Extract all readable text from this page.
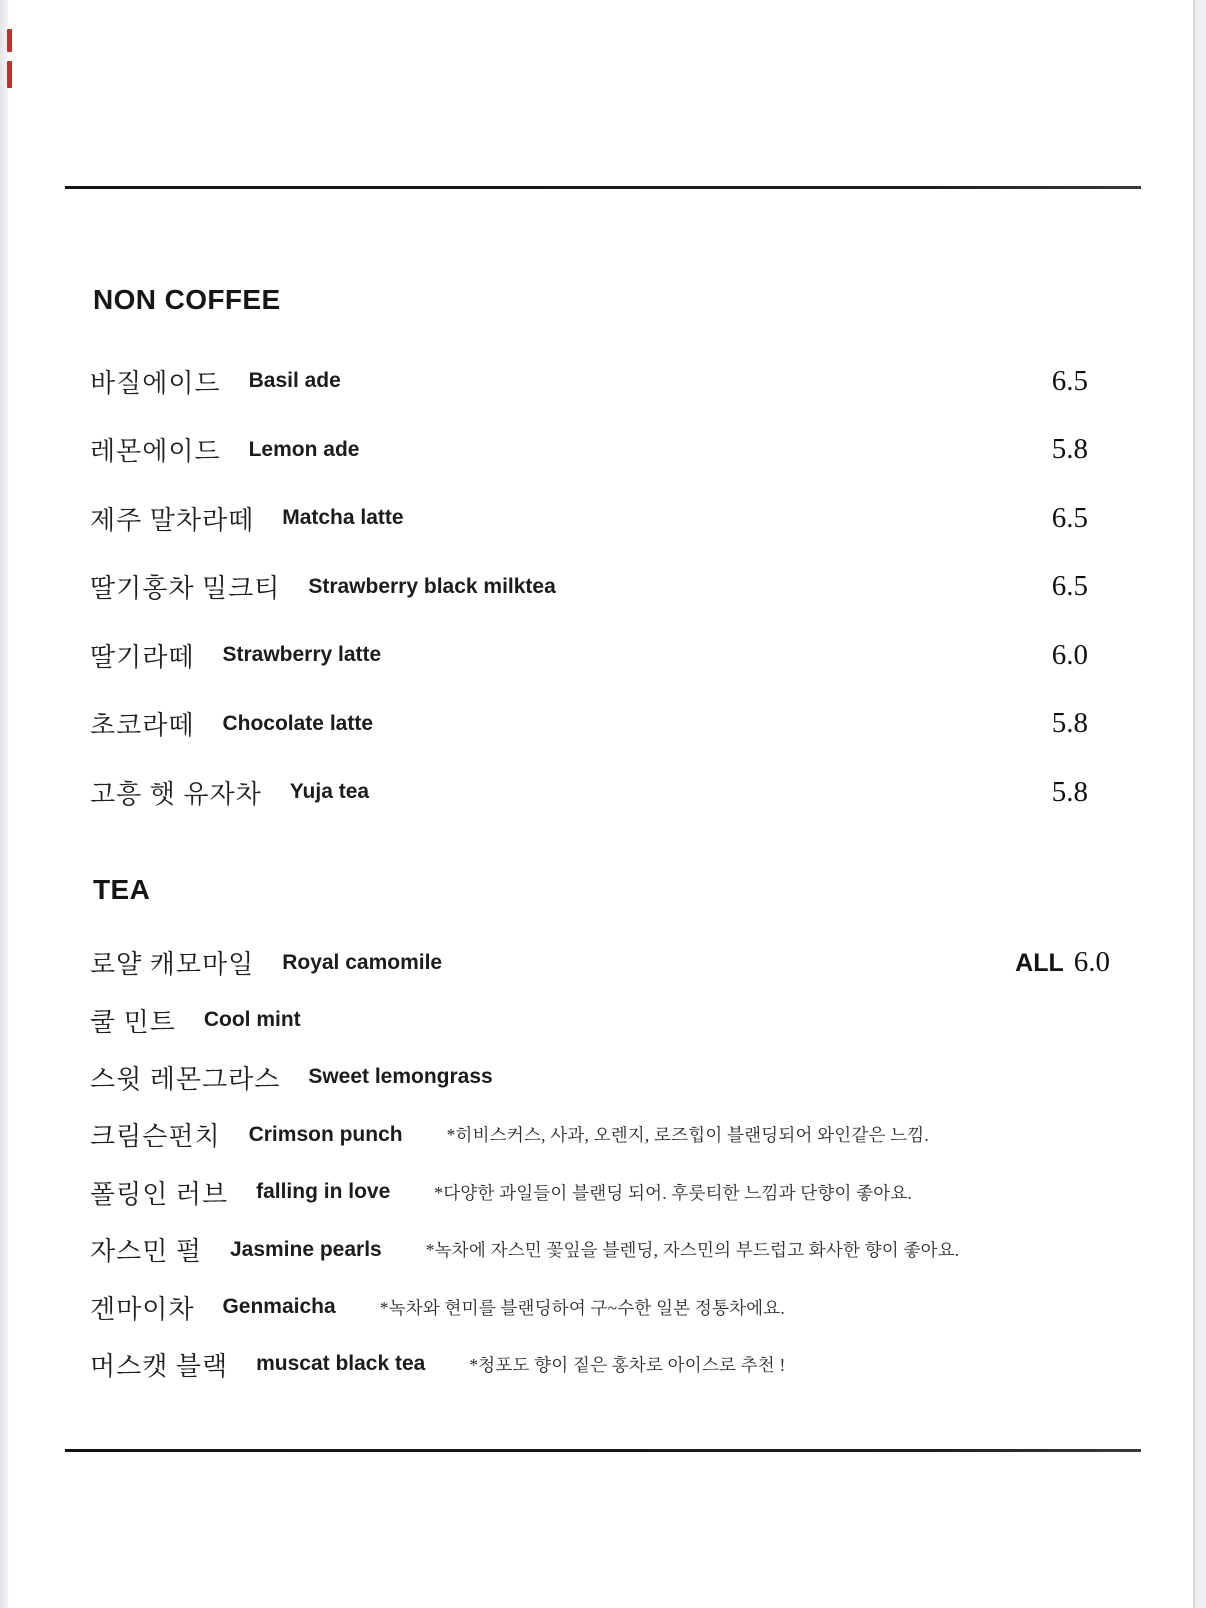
NON COFFEE
바질에이드 Basil ade	6.5
레몬에이드 Lemon ade	5.8
제주 말차라떼 Matcha latte	6.5
딸기홍차 밀크티 Strawberry black milktea	6.5
딸기라떼 Strawberry latte	6.0
초코라떼 Chocolate latte	5.8
고흥 햇 유자차 Yuja tea	5.8
TEA
로얄 캐모마일 Royal camomile	ALL 6.0
쿨 민트 Cool mint
스윗 레몬그라스 Sweet lemongrass
크림슨펀치 Crimson punch	*히비스커스, 사과, 오렌지, 로즈힙이 블랜딩되어 와인같은 느낌.
폴링인 러브 falling in love	*다양한 과일들이 블랜딩 되어. 후룻티한 느낌과 단향이 좋아요.
자스민 펄 Jasmine pearls	*녹차에 자스민 꽃잎을 블렌딩, 자스민의 부드럽고 화사한 향이 좋아요.
겐마이차 Genmaicha	*녹차와 현미를 블랜딩하여 구~수한 일본 정통차에요.
머스캣 블랙 muscat black tea	*청포도 향이 짙은 홍차로 아이스로 추천 !
